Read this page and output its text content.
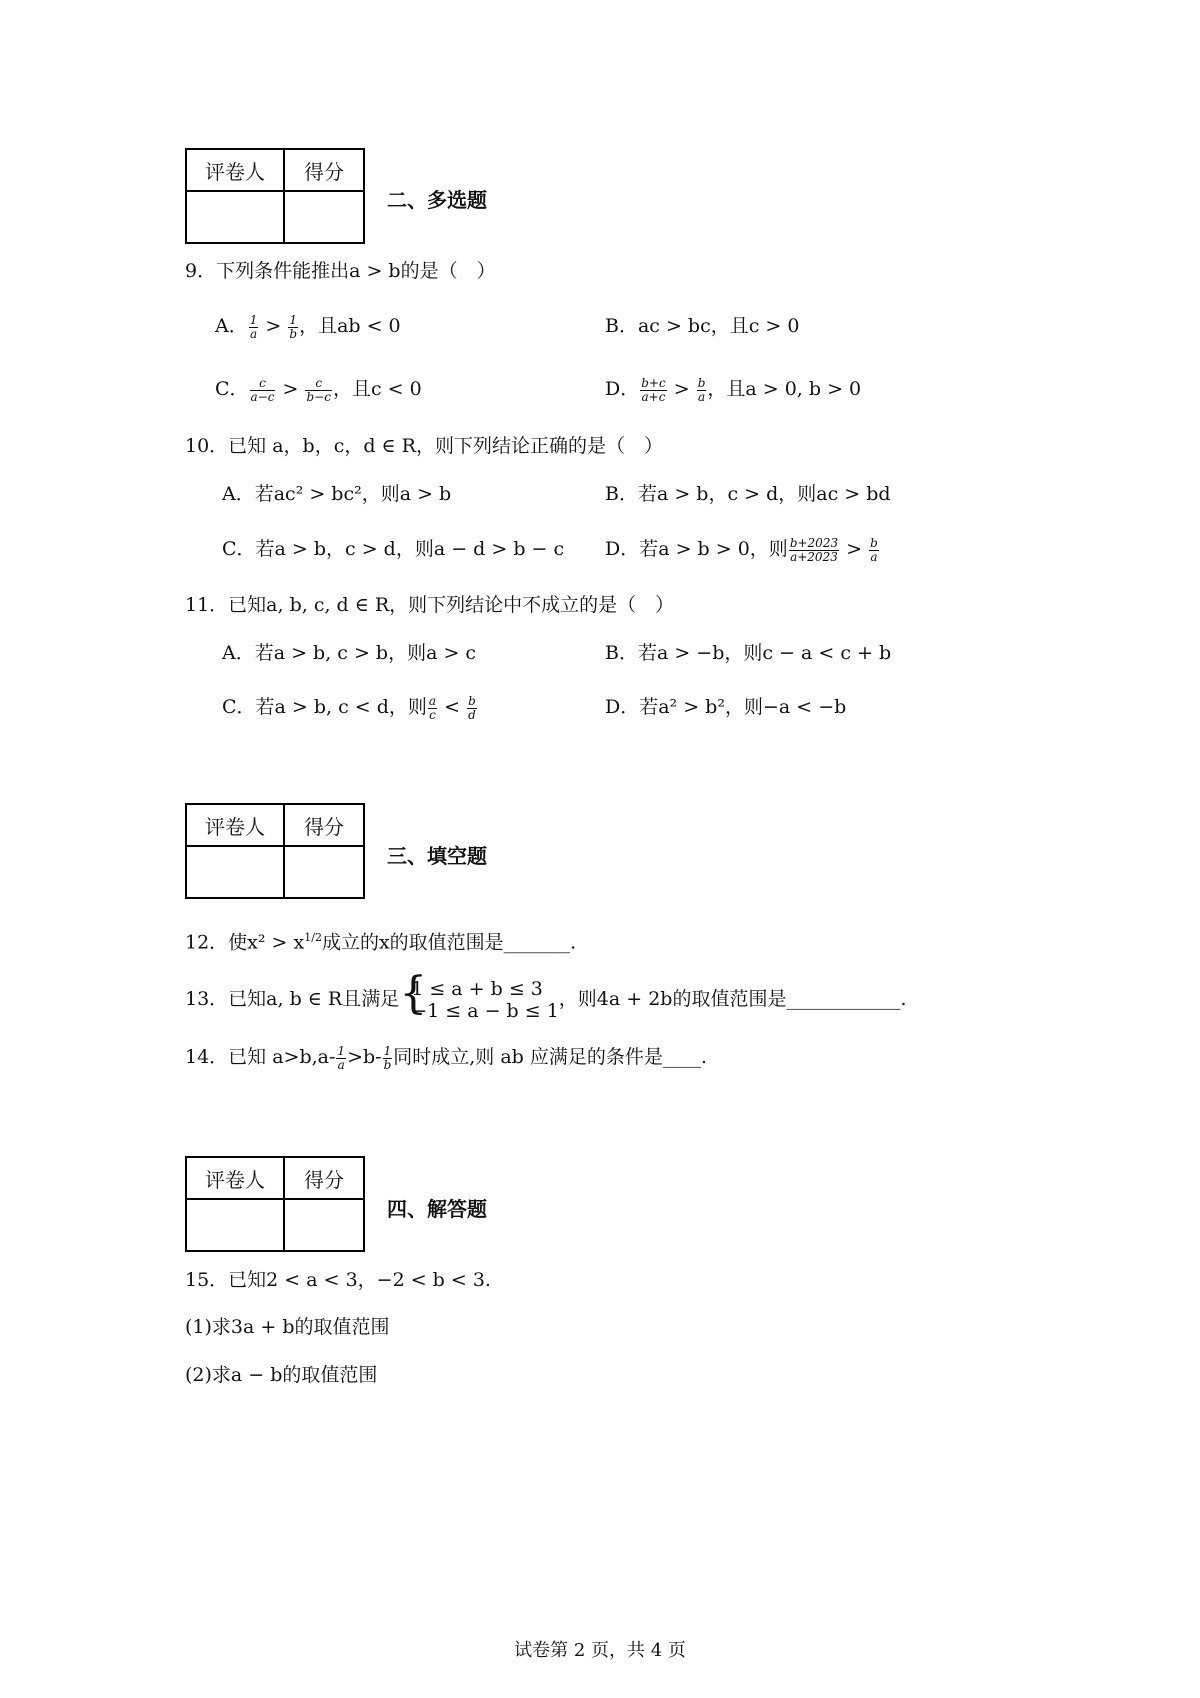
评卷人	得分

二、多选题
9．下列条件能推出a > b的是（　）
A． $\frac{1}{a} > \frac{1}{b}$ ，且ab < 0	B．ac > bc，且c > 0
C． $\frac{c}{a-c} > \frac{c}{b-c}$ ，且c < 0	D． $\frac{b+c}{a+c} > \frac{b}{a}$ ，且a > 0, b > 0
10．已知 a，b，c，d ∈ R，则下列结论正确的是（　）
A．若ac² > bc²，则a > b	B．若a > b，c > d，则ac > bd
C．若a > b，c > d，则a − d > b − c D．若a > b > 0，则 $\frac{b+2023}{a+2023} > \frac{b}{a}$
11．已知a, b, c, d ∈ R，则下列结论中不成立的是（　）
A．若a > b, c > b，则a > c	B．若a > −b，则c − a < c + b
C．若a > b, c < d，则 $\frac{a}{c} < \frac{b}{d}$	D．若a² > b²，则−a < −b
评卷人	得分

三、填空题
12．使$x^2 > x^{1/2}$成立的x的取值范围是_______.
13．已知a, b ∈ R且满足 {
1 ≤ a + b ≤ 3
−1 ≤ a − b ≤ 1
，则4a + 2b的取值范围是____________.
14．已知 $a>b,a- \frac{1}{a} >b- \frac{1}{b}$ 同时成立,则 ab 应满足的条件是____.
评卷人	得分

四、解答题
15．已知2 < a < 3，−2 < b < 3.
(1)求3a + b的取值范围
(2)求a − b的取值范围
试卷第 2 页，共 4 页
